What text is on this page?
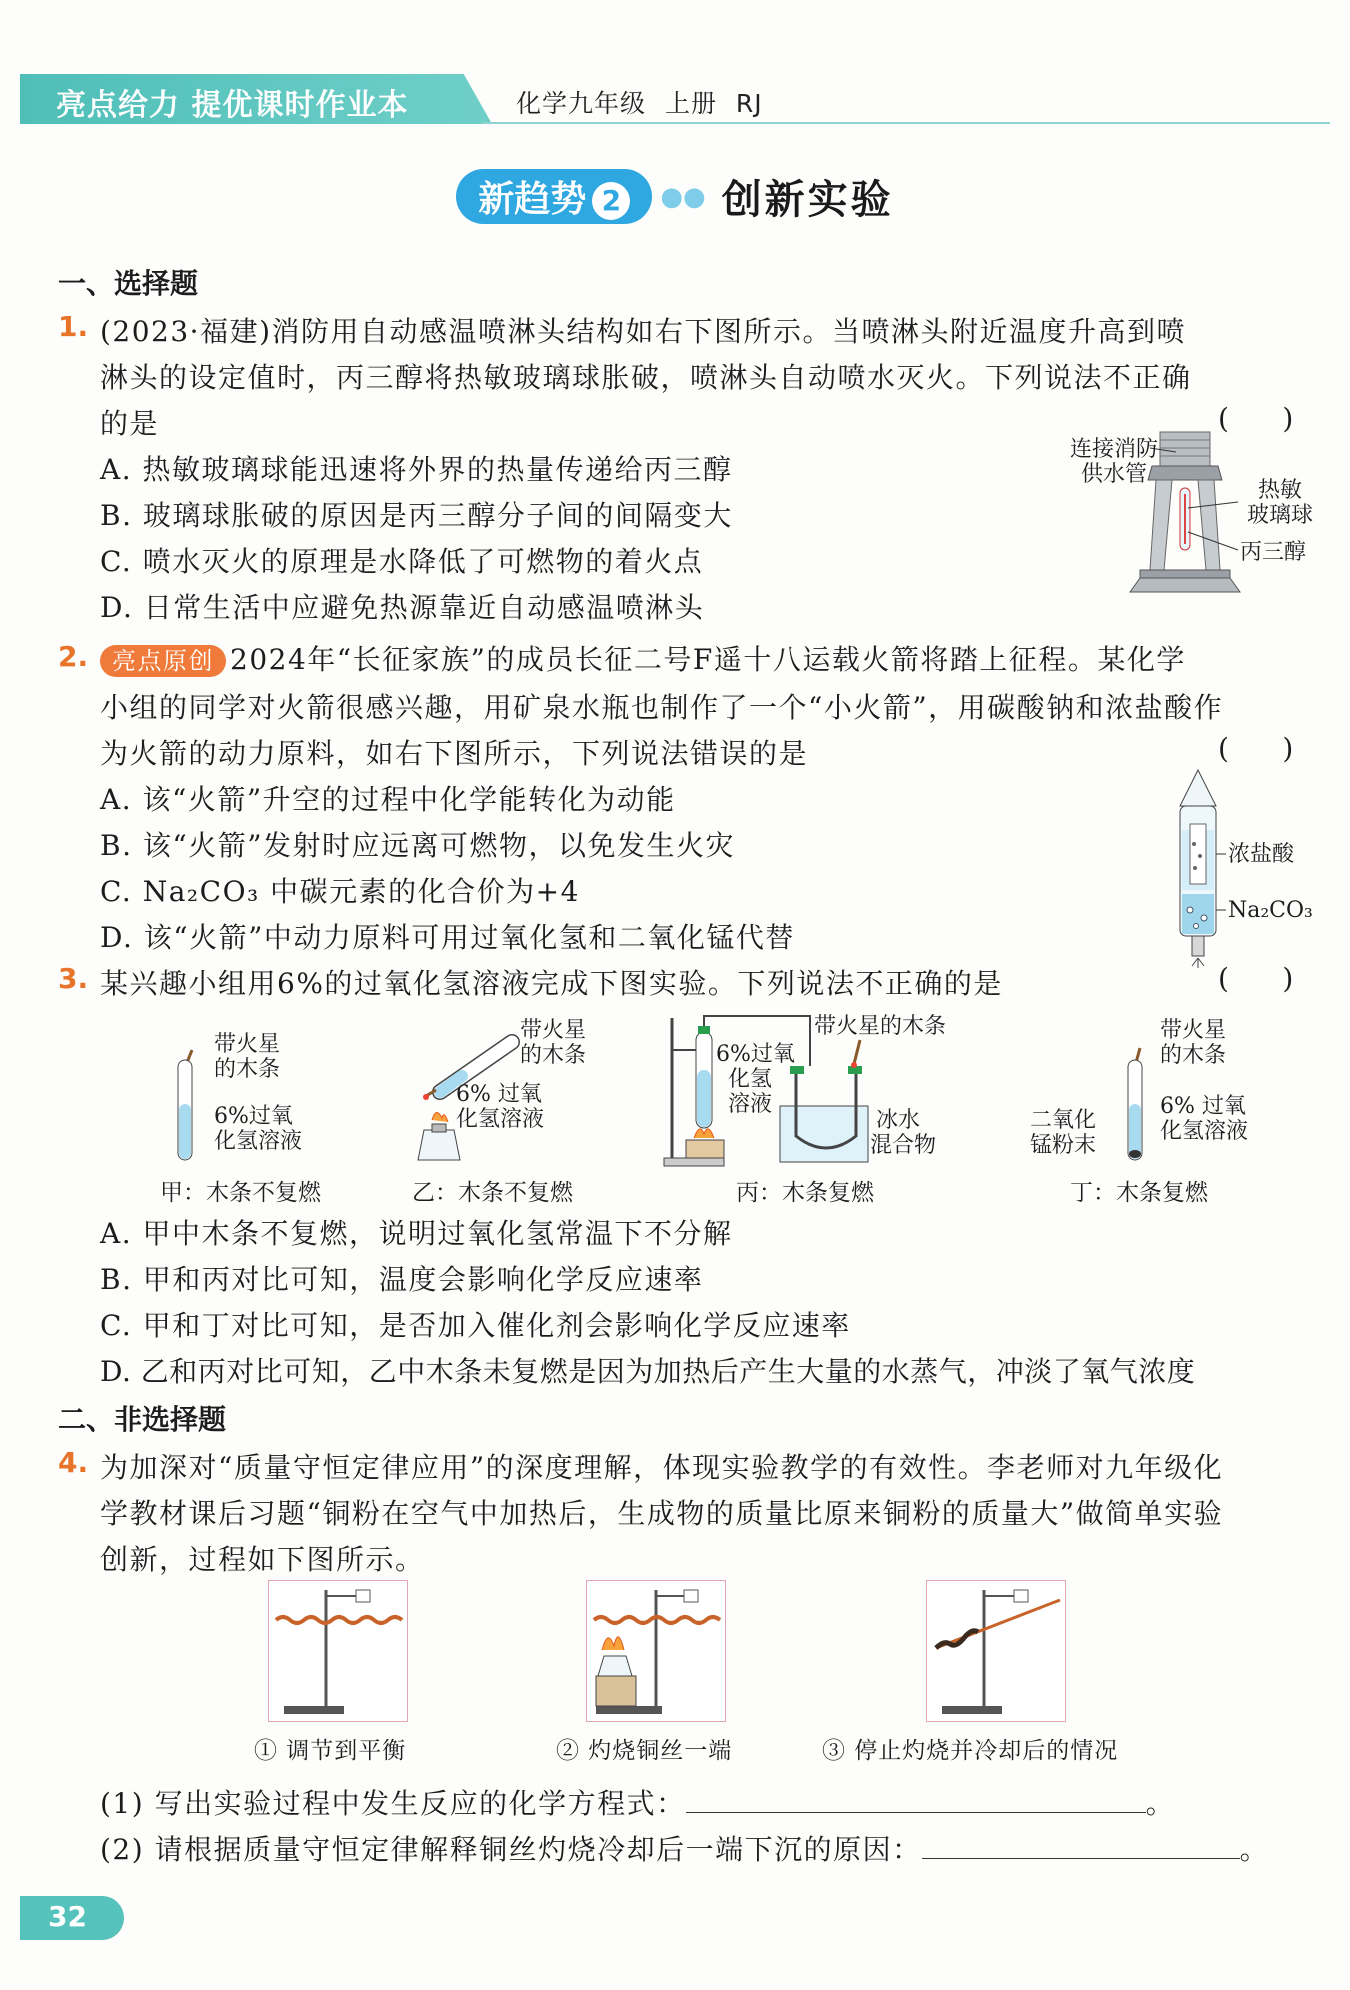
亮点给力 提优课时作业本	化学九年级 上册 RJ
新趋势 2 ●● 创新实验
一、选择题
1. (2023·福建)消防用自动感温喷淋头结构如右下图所示。当喷淋头附近温度升高到喷
淋头的设定值时，丙三醇将热敏玻璃球胀破，喷淋头自动喷水灭火。下列说法不正确
的是	(      )
A. 热敏玻璃球能迅速将外界的热量传递给丙三醇
B. 玻璃球胀破的原因是丙三醇分子间的间隔变大
C. 喷水灭火的原理是水降低了可燃物的着火点
D. 日常生活中应避免热源靠近自动感温喷淋头
连接消防
供水管
热敏
玻璃球
丙三醇
2. 亮点原创 2024年“长征家族”的成员长征二号F遥十八运载火箭将踏上征程。某化学
小组的同学对火箭很感兴趣，用矿泉水瓶也制作了一个“小火箭”，用碳酸钠和浓盐酸作
为火箭的动力原料，如右下图所示，下列说法错误的是	(      )
A. 该“火箭”升空的过程中化学能转化为动能
B. 该“火箭”发射时应远离可燃物，以免发生火灾
C. Na₂CO₃ 中碳元素的化合价为+4
D. 该“火箭”中动力原料可用过氧化氢和二氧化锰代替
浓盐酸
Na₂CO₃
3. 某兴趣小组用6%的过氧化氢溶液完成下图实验。下列说法不正确的是	(      )
带火星
的木条
6%过氧
化氢溶液
甲：木条不复燃
带火星
的木条
6% 过氧
化氢溶液
乙：木条不复燃
6%过氧
化氢
溶液
带火星的木条
冰水
混合物
丙：木条复燃
带火星
的木条
二氧化
锰粉末
6% 过氧
化氢溶液
丁：木条复燃
A. 甲中木条不复燃，说明过氧化氢常温下不分解
B. 甲和丙对比可知，温度会影响化学反应速率
C. 甲和丁对比可知，是否加入催化剂会影响化学反应速率
D. 乙和丙对比可知，乙中木条未复燃是因为加热后产生大量的水蒸气，冲淡了氧气浓度
二、非选择题
4. 为加深对“质量守恒定律应用”的深度理解，体现实验教学的有效性。李老师对九年级化
学教材课后习题“铜粉在空气中加热后，生成物的质量比原来铜粉的质量大”做简单实验
创新，过程如下图所示。
① 调节到平衡	② 灼烧铜丝一端	③ 停止灼烧并冷却后的情况
(1) 写出实验过程中发生反应的化学方程式：	。
(2) 请根据质量守恒定律解释铜丝灼烧冷却后一端下沉的原因：	。
32
